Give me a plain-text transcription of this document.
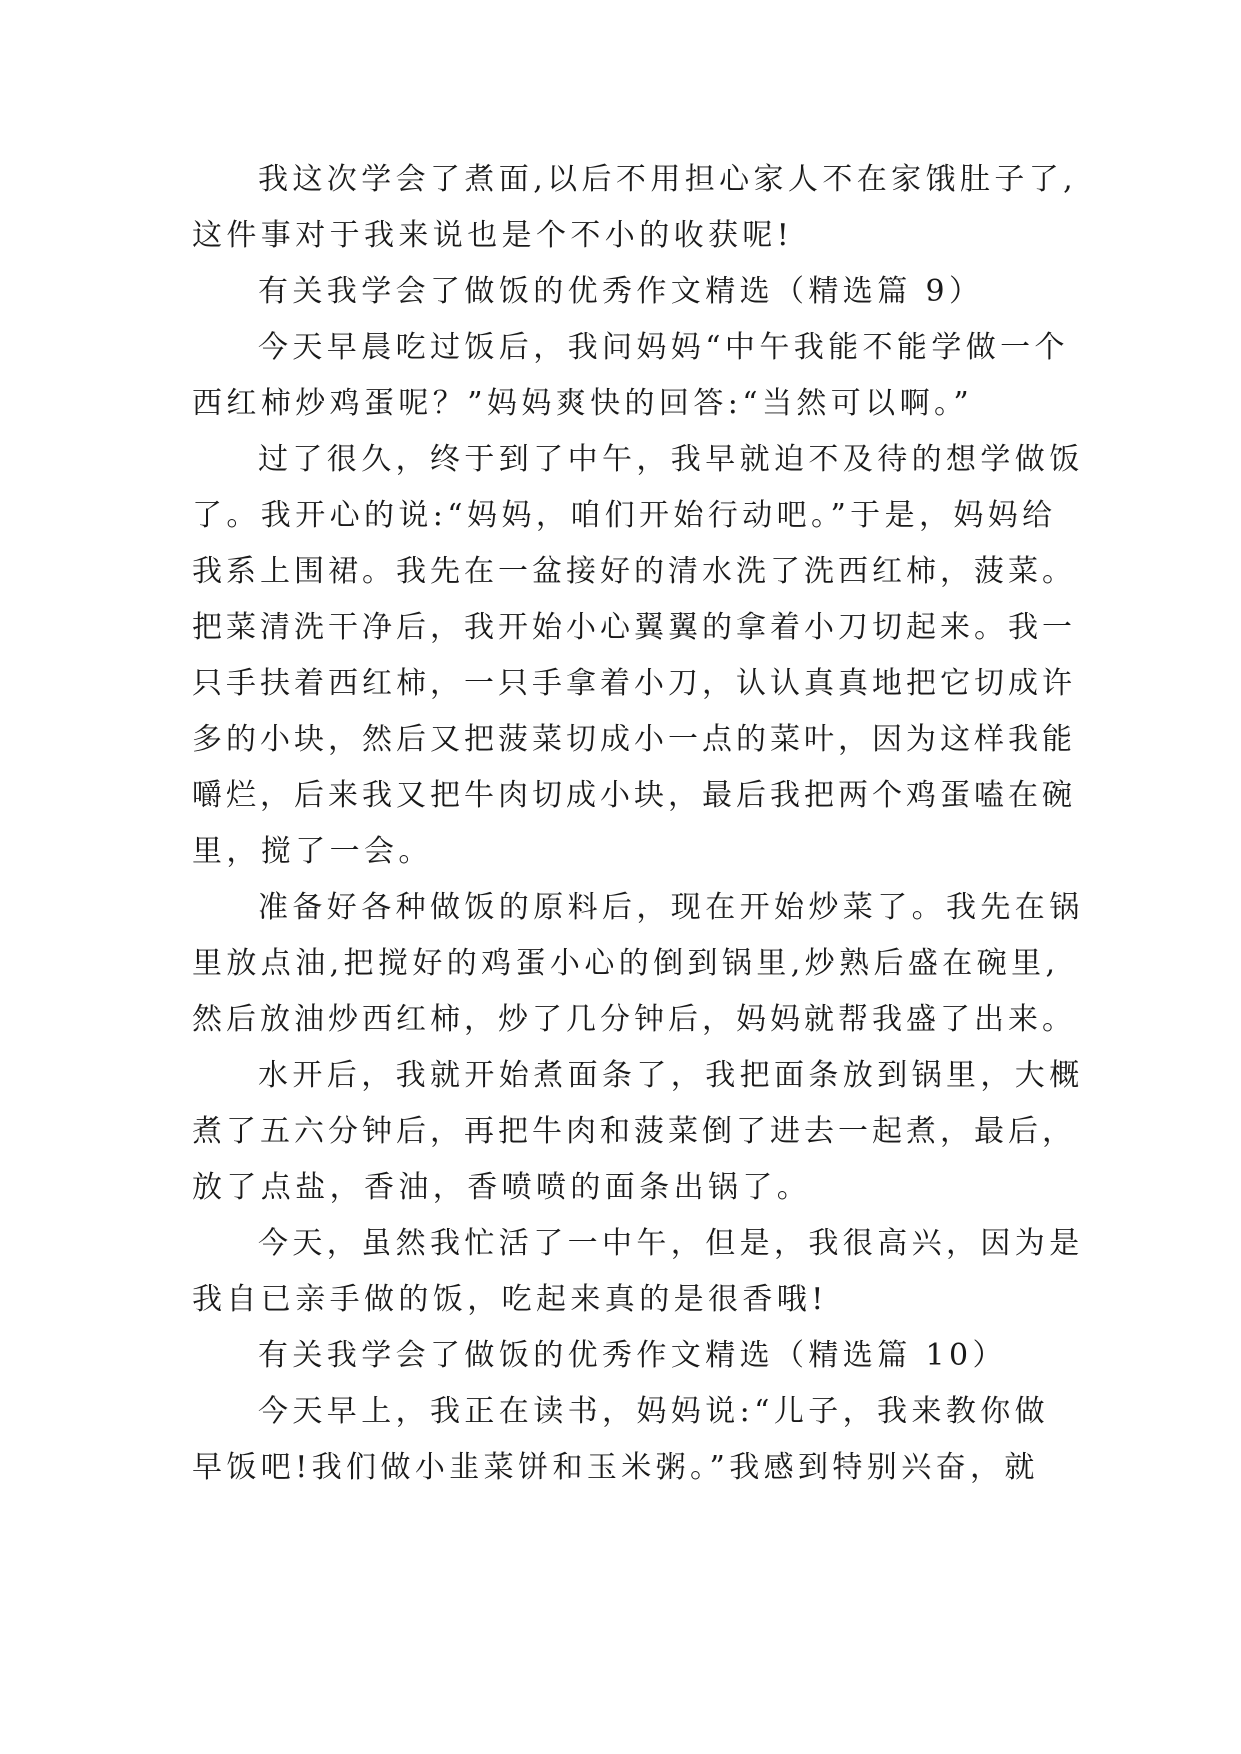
我这次学会了煮面,以后不用担心家人不在家饿肚子了,
这件事对于我来说也是个不小的收获呢!
有关我学会了做饭的优秀作文精选（精选篇 9）
今天早晨吃过饭后，我问妈妈“中午我能不能学做一个
西红柿炒鸡蛋呢？”妈妈爽快的回答:“当然可以啊。”
过了很久，终于到了中午，我早就迫不及待的想学做饭
了。我开心的说:“妈妈，咱们开始行动吧。”于是，妈妈给
我系上围裙。我先在一盆接好的清水洗了洗西红柿，菠菜。
把菜清洗干净后，我开始小心翼翼的拿着小刀切起来。我一
只手扶着西红柿，一只手拿着小刀，认认真真地把它切成许
多的小块，然后又把菠菜切成小一点的菜叶，因为这样我能
嚼烂，后来我又把牛肉切成小块，最后我把两个鸡蛋嗑在碗
里，搅了一会。
准备好各种做饭的原料后，现在开始炒菜了。我先在锅
里放点油,把搅好的鸡蛋小心的倒到锅里,炒熟后盛在碗里,
然后放油炒西红柿，炒了几分钟后，妈妈就帮我盛了出来。
水开后，我就开始煮面条了，我把面条放到锅里，大概
煮了五六分钟后，再把牛肉和菠菜倒了进去一起煮，最后，
放了点盐，香油，香喷喷的面条出锅了。
今天，虽然我忙活了一中午，但是，我很高兴，因为是
我自已亲手做的饭，吃起来真的是很香哦!
有关我学会了做饭的优秀作文精选（精选篇 10）
今天早上，我正在读书，妈妈说:“儿子，我来教你做
早饭吧!我们做小韭菜饼和玉米粥。”我感到特别兴奋，就
